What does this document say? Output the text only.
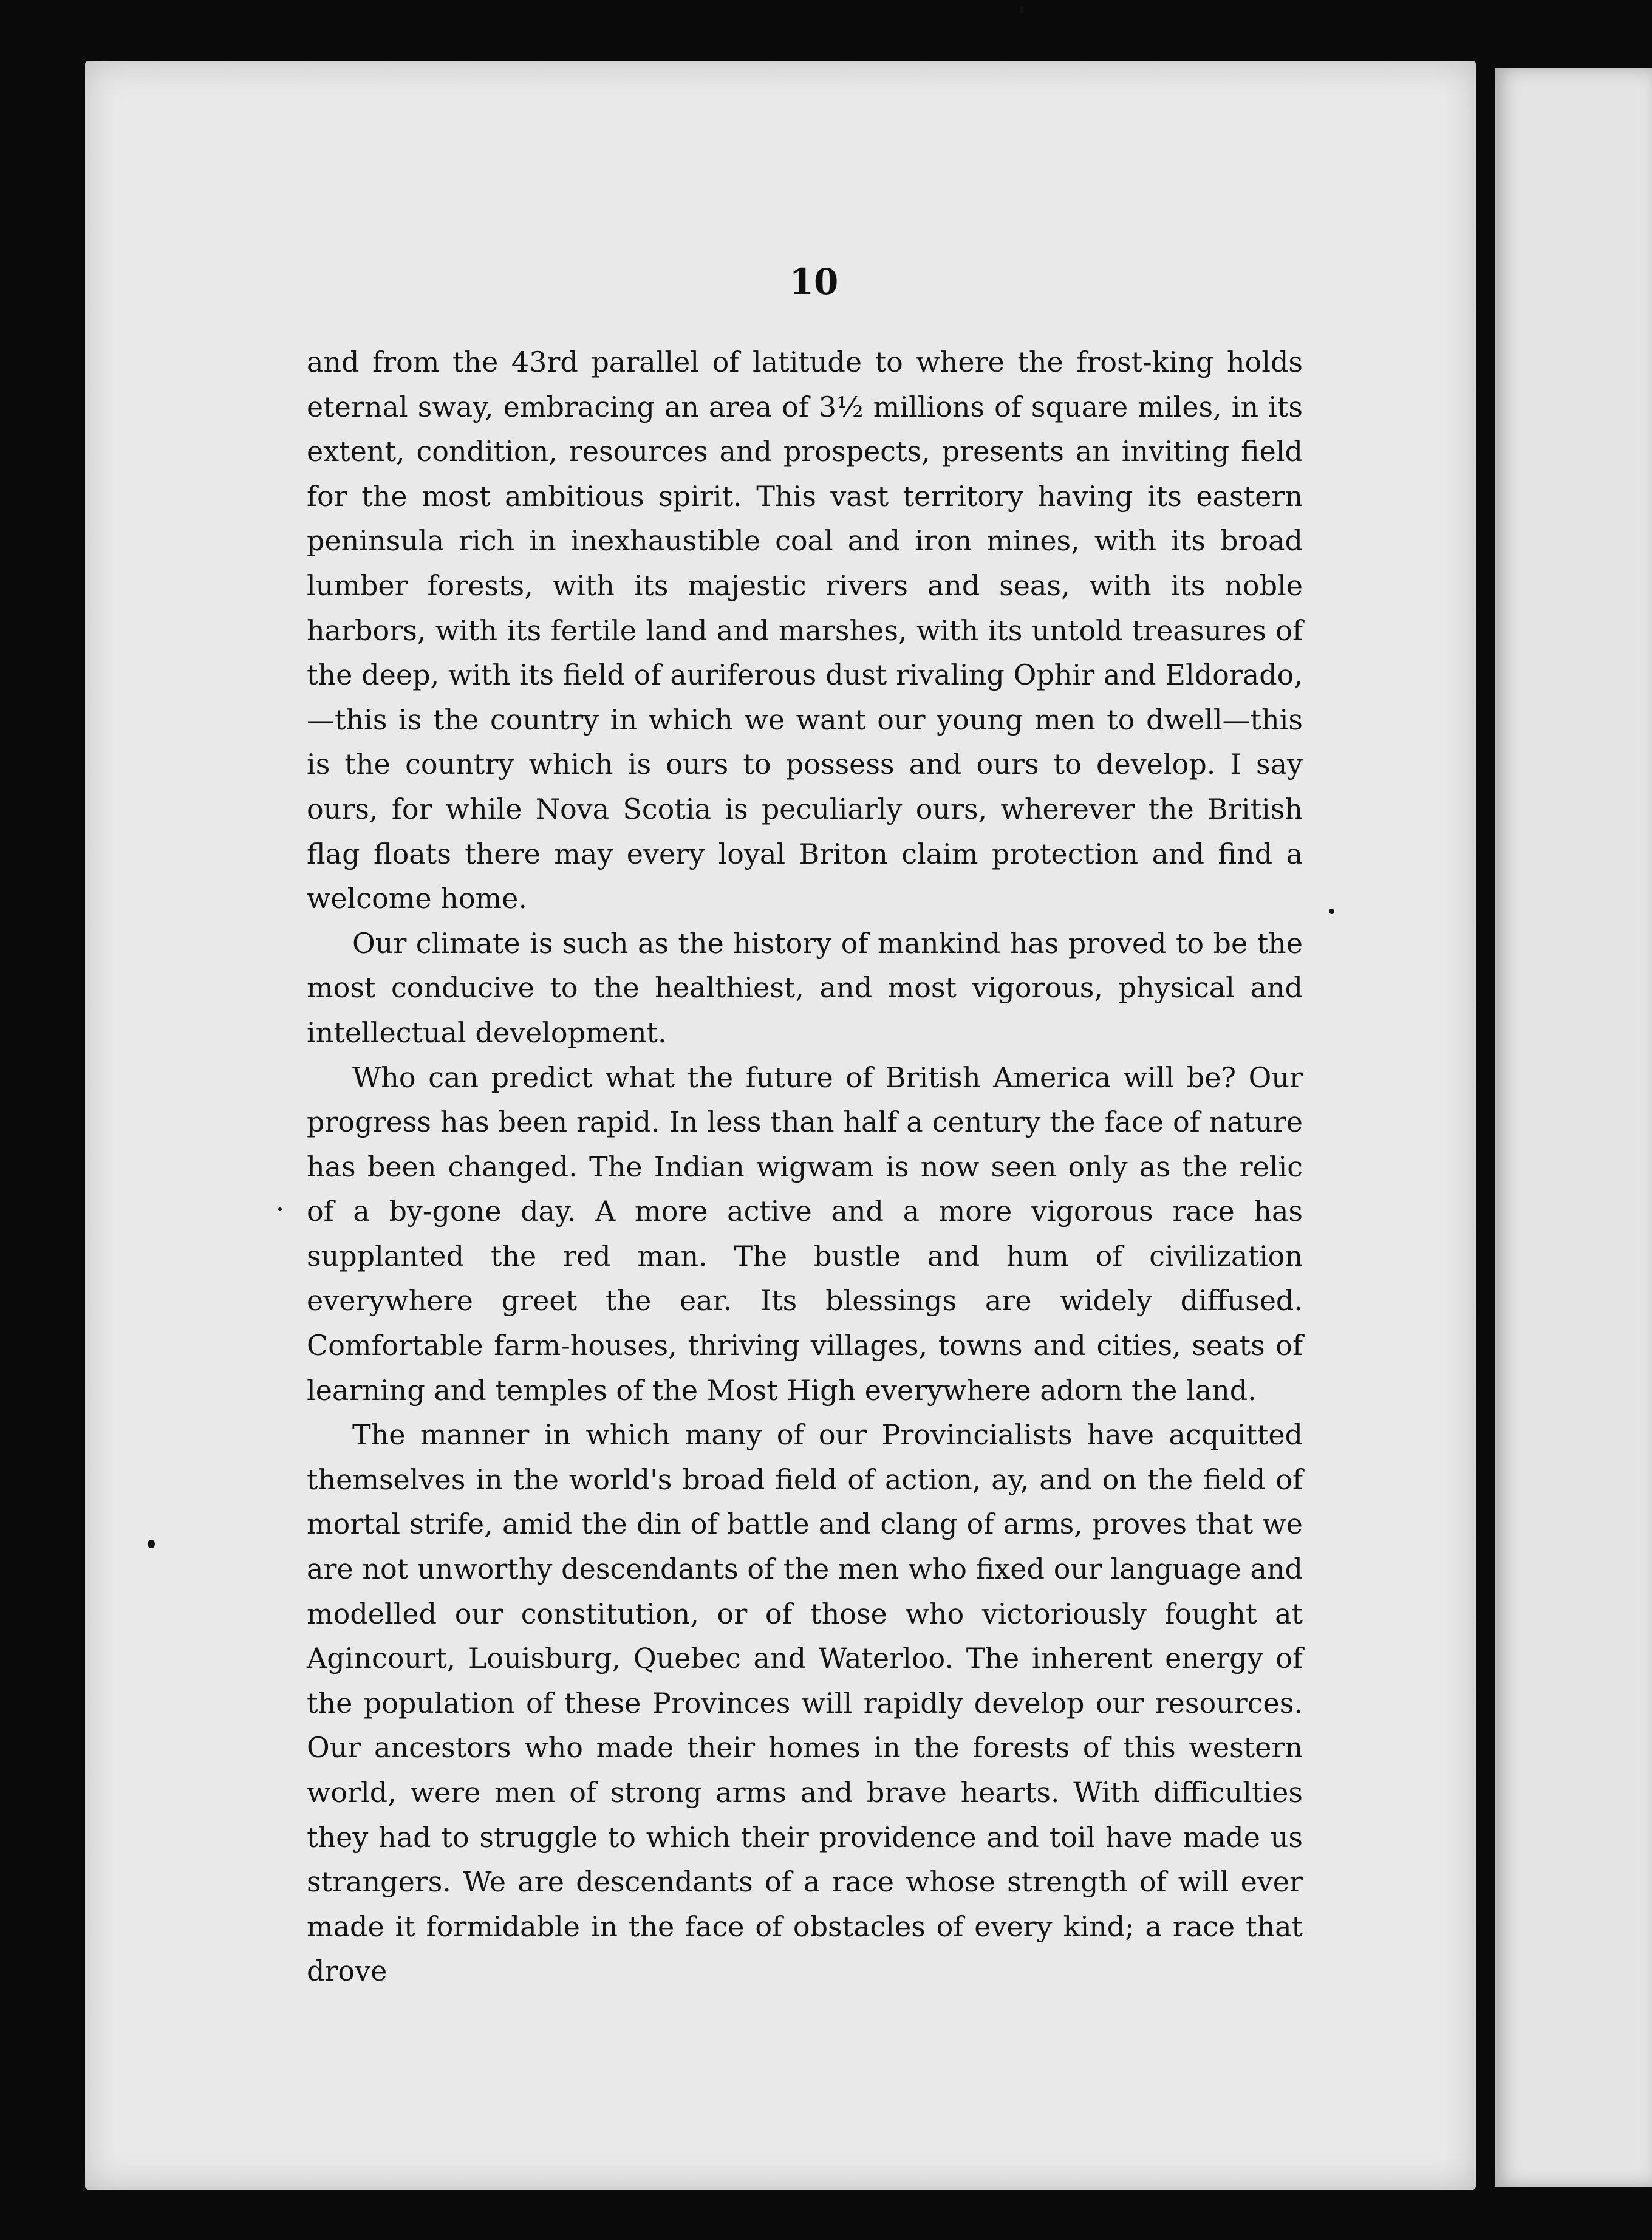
10

and from the 43rd parallel of latitude to where the frost-king holds eternal sway, embracing an area of 3½ millions of square miles, in its extent, condition, resources and prospects, presents an inviting field for the most ambitious spirit. This vast territory having its eastern peninsula rich in inexhaustible coal and iron mines, with its broad lumber forests, with its majestic rivers and seas, with its noble harbors, with its fertile land and marshes, with its untold treasures of the deep, with its field of auriferous dust rivaling Ophir and Eldorado,—this is the country in which we want our young men to dwell—this is the country which is ours to possess and ours to develop. I say ours, for while Nova Scotia is peculiarly ours, wherever the British flag floats there may every loyal Briton claim protection and find a welcome home.

Our climate is such as the history of mankind has proved to be the most conducive to the healthiest, and most vigorous, physical and intellectual development.

Who can predict what the future of British America will be? Our progress has been rapid. In less than half a century the face of nature has been changed. The Indian wigwam is now seen only as the relic of a by-gone day. A more active and a more vigorous race has supplanted the red man. The bustle and hum of civilization everywhere greet the ear. Its blessings are widely diffused. Comfortable farm-houses, thriving villages, towns and cities, seats of learning and temples of the Most High everywhere adorn the land.

The manner in which many of our Provincialists have acquitted themselves in the world's broad field of action, ay, and on the field of mortal strife, amid the din of battle and clang of arms, proves that we are not unworthy descendants of the men who fixed our language and modelled our constitution, or of those who victoriously fought at Agincourt, Louisburg, Quebec and Waterloo. The inherent energy of the population of these Provinces will rapidly develop our resources. Our ancestors who made their homes in the forests of this western world, were men of strong arms and brave hearts. With difficulties they had to struggle to which their providence and toil have made us strangers. We are descendants of a race whose strength of will ever made it formidable in the face of obstacles of every kind; a race that drove
